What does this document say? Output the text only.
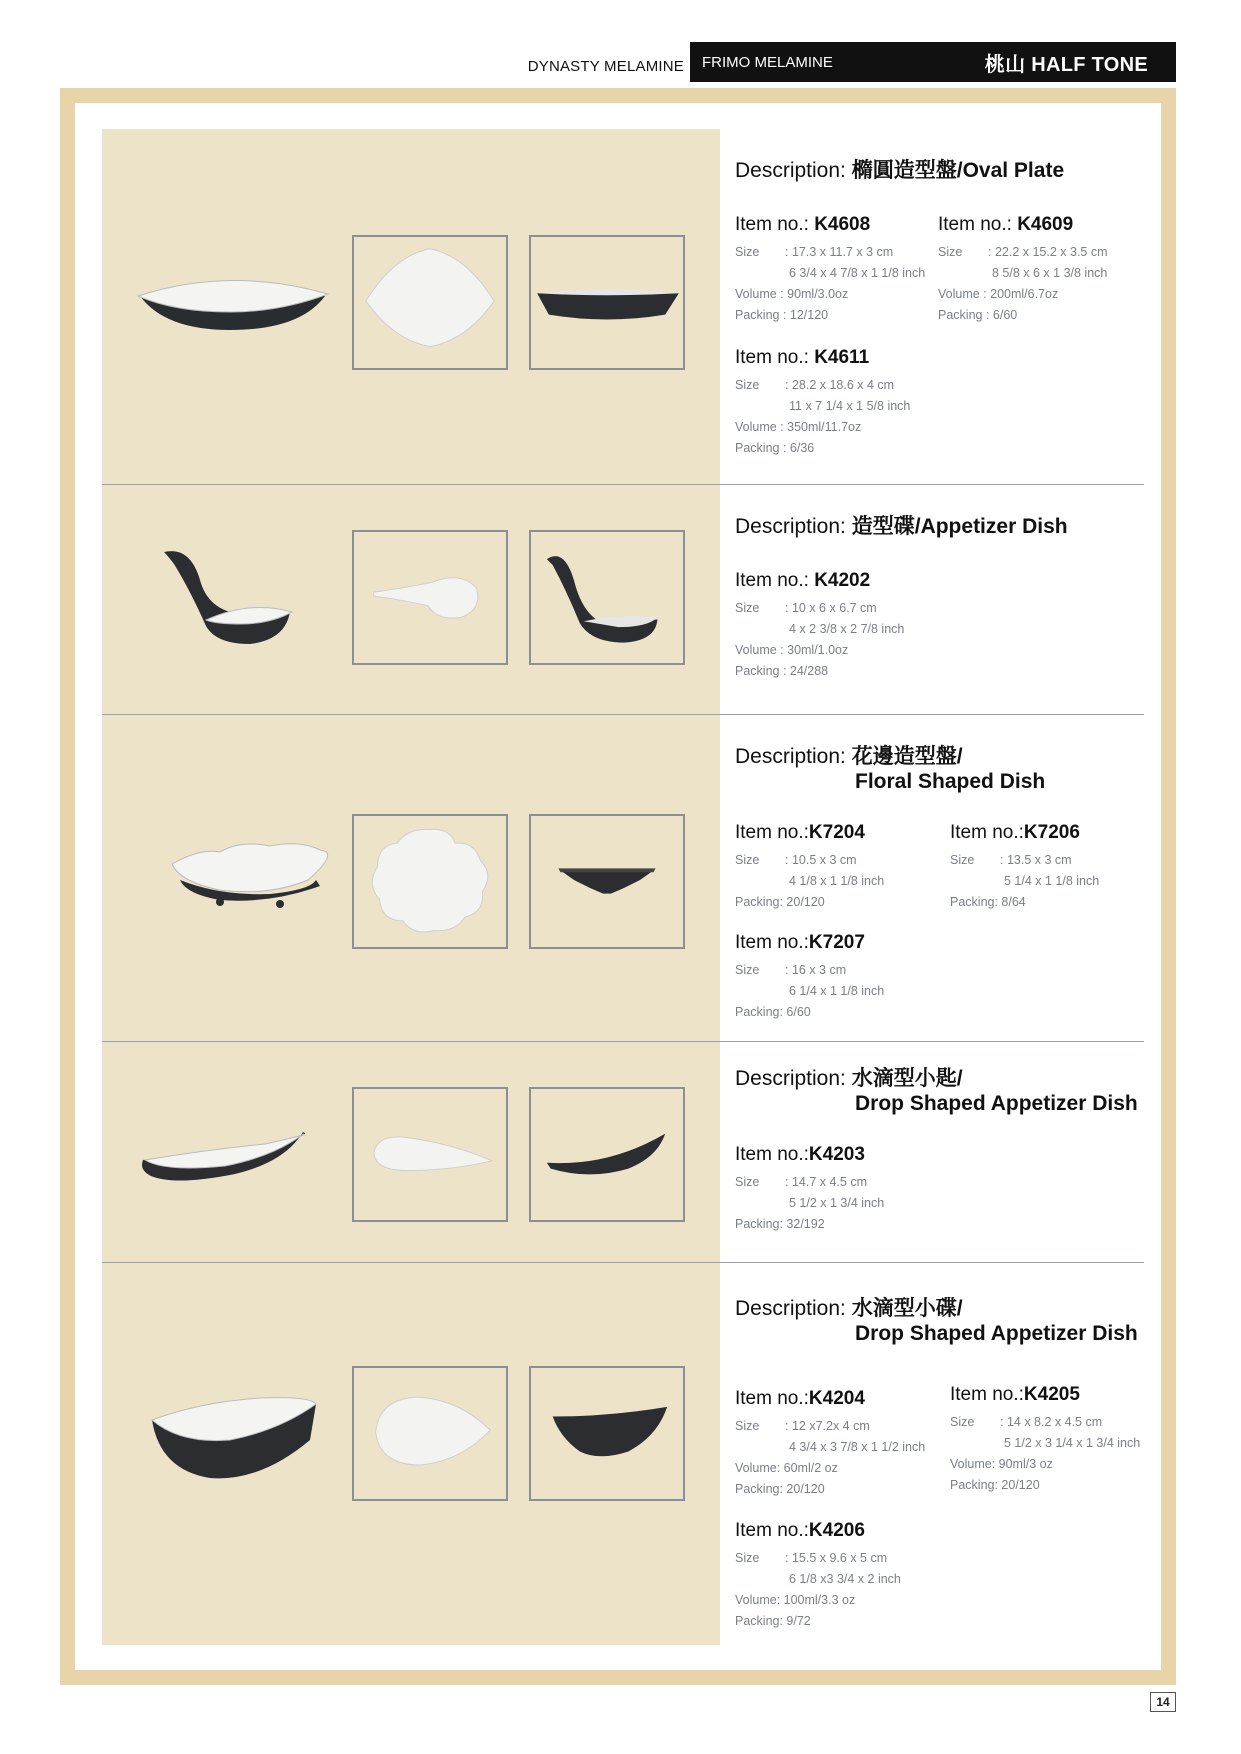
DYNASTY MELAMINE FRIMO MELAMINE	桃山 HALF TONE
Description: 橢圓造型盤/Oval Plate
Item no.: K4608
Size : 17.3 x 11.7 x 3 cm
6 3/4 x 4 7/8 x 1 1/8 inch
Volume : 90ml/3.0oz
Packing : 12/120
Item no.: K4609
Size : 22.2 x 15.2 x 3.5 cm
8 5/8 x 6 x 1 3/8 inch
Volume : 200ml/6.7oz
Packing : 6/60
Item no.: K4611
Size : 28.2 x 18.6 x 4 cm
11 x 7 1/4 x 1 5/8 inch
Volume : 350ml/11.7oz
Packing : 6/36
Description: 造型碟/Appetizer Dish
Item no.: K4202
Size : 10 x 6 x 6.7 cm
4 x 2 3/8 x 2 7/8 inch
Volume : 30ml/1.0oz
Packing : 24/288
Description: 花邊造型盤/
Floral Shaped Dish
Item no.:K7204
Size : 10.5 x 3 cm
4 1/8 x 1 1/8 inch
Packing: 20/120
Item no.:K7206
Size : 13.5 x 3 cm
5 1/4 x 1 1/8 inch
Packing: 8/64
Item no.:K7207
Size : 16 x 3 cm
6 1/4 x 1 1/8 inch
Packing: 6/60
Description: 水滴型小匙/
Drop Shaped Appetizer Dish
Item no.:K4203
Size : 14.7 x 4.5 cm
5 1/2 x 1 3/4 inch
Packing: 32/192
Description: 水滴型小碟/
Drop Shaped Appetizer Dish
Item no.:K4204
Size : 12 x7.2x 4 cm
4 3/4 x 3 7/8 x 1 1/2 inch
Volume: 60ml/2 oz
Packing: 20/120
Item no.:K4205
Size : 14 x 8.2 x 4.5 cm
5 1/2 x 3 1/4 x 1 3/4 inch
Volume: 90ml/3 oz
Packing: 20/120
Item no.:K4206
Size : 15.5 x 9.6 x 5 cm
6 1/8 x3 3/4 x 2 inch
Volume: 100ml/3.3 oz
Packing: 9/72
14
